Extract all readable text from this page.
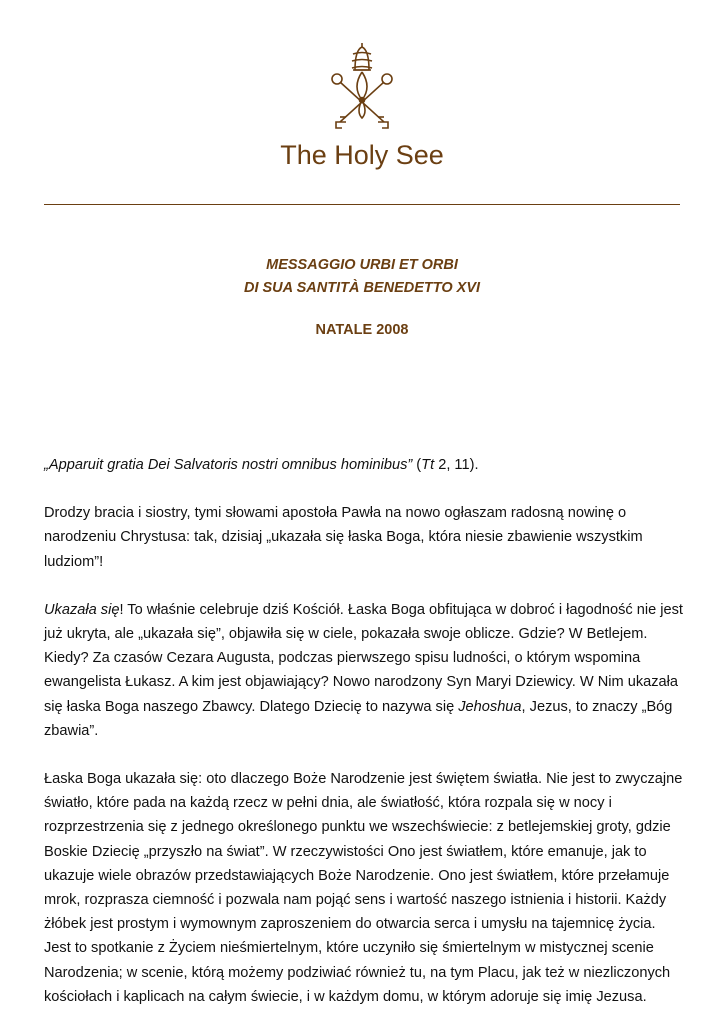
The Holy See
MESSAGGIO URBI ET ORBI
DI SUA SANTITÀ BENEDETTO XVI
NATALE 2008

„Apparuit gratia Dei Salvatoris nostri omnibus hominibus” (Tt 2, 11).

Drodzy bracia i siostry, tymi słowami apostoła Pawła na nowo ogłaszam radosną nowinę o narodzeniu Chrystusa: tak, dzisiaj „ukazała się łaska Boga, która niesie zbawienie wszystkim ludziom”!

Ukazała się! To właśnie celebruje dziś Kościół. Łaska Boga obfitująca w dobroć i łagodność nie jest już ukryta, ale „ukazała się”, objawiła się w ciele, pokazała swoje oblicze. Gdzie? W Betlejem. Kiedy? Za czasów Cezara Augusta, podczas pierwszego spisu ludności, o którym wspomina ewangelista Łukasz. A kim jest objawiający? Nowo narodzony Syn Maryi Dziewicy. W Nim ukazała się łaska Boga naszego Zbawcy. Dlatego Dziecię to nazywa się Jehoshua, Jezus, to znaczy „Bóg zbawia”.

Łaska Boga ukazała się: oto dlaczego Boże Narodzenie jest świętem światła. Nie jest to zwyczajne światło, które pada na każdą rzecz w pełni dnia, ale światłość, która rozpala się w nocy i rozprzestrzenia się z jednego określonego punktu we wszechświecie: z betlejemskiej groty, gdzie Boskie Dziecię „przyszło na świat”. W rzeczywistości Ono jest światłem, które emanuje, jak to ukazuje wiele obrazów przedstawiających Boże Narodzenie. Ono jest światłem, które przełamuje mrok, rozprasza ciemność i pozwala nam pojąć sens i wartość naszego istnienia i historii. Każdy żłóbek jest prostym i wymownym zaproszeniem do otwarcia serca i umysłu na tajemnicę życia. Jest to spotkanie z Życiem nieśmiertelnym, które uczyniło się śmiertelnym w mistycznej scenie Narodzenia; w scenie, którą możemy podziwiać również tu, na tym Placu, jak też w niezliczonych kościołach i kaplicach na całym świecie, i w każdym domu, w którym adoruje się imię Jezusa.
